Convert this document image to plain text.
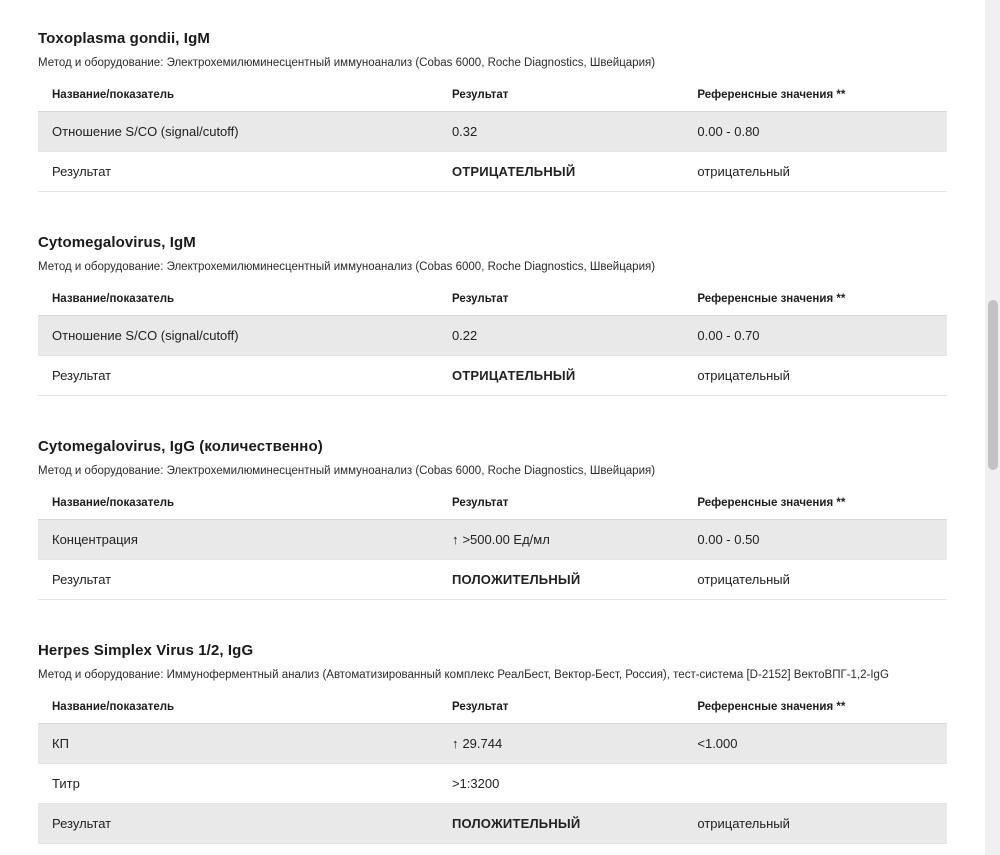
Toxoplasma gondii, IgM
Метод и оборудование: Электрохемилюминесцентный иммуноанализ (Cobas 6000, Roche Diagnostics, Швейцария)
Название/показатель	Результат	Референсные значения **
Отношение S/CO (signal/cutoff)	0.32	0.00 - 0.80
Результат	ОТРИЦАТЕЛЬНЫЙ	отрицательный
Cytomegalovirus, IgM
Метод и оборудование: Электрохемилюминесцентный иммуноанализ (Cobas 6000, Roche Diagnostics, Швейцария)
Название/показатель	Результат	Референсные значения **
Отношение S/CO (signal/cutoff)	0.22	0.00 - 0.70
Результат	ОТРИЦАТЕЛЬНЫЙ	отрицательный
Cytomegalovirus, IgG (количественно)
Метод и оборудование: Электрохемилюминесцентный иммуноанализ (Cobas 6000, Roche Diagnostics, Швейцария)
Название/показатель	Результат	Референсные значения **
Концентрация	↑ >500.00 Ед/мл	0.00 - 0.50
Результат	ПОЛОЖИТЕЛЬНЫЙ	отрицательный
Herpes Simplex Virus 1/2, IgG
Метод и оборудование: Иммуноферментный анализ (Автоматизированный комплекс РеалБест, Вектор-Бест, Россия), тест-система [D-2152] ВектоВПГ-1,2-IgG
Название/показатель	Результат	Референсные значения **
КП	↑ 29.744	<1.000
Титр	>1:3200	
Результат	ПОЛОЖИТЕЛЬНЫЙ	отрицательный
